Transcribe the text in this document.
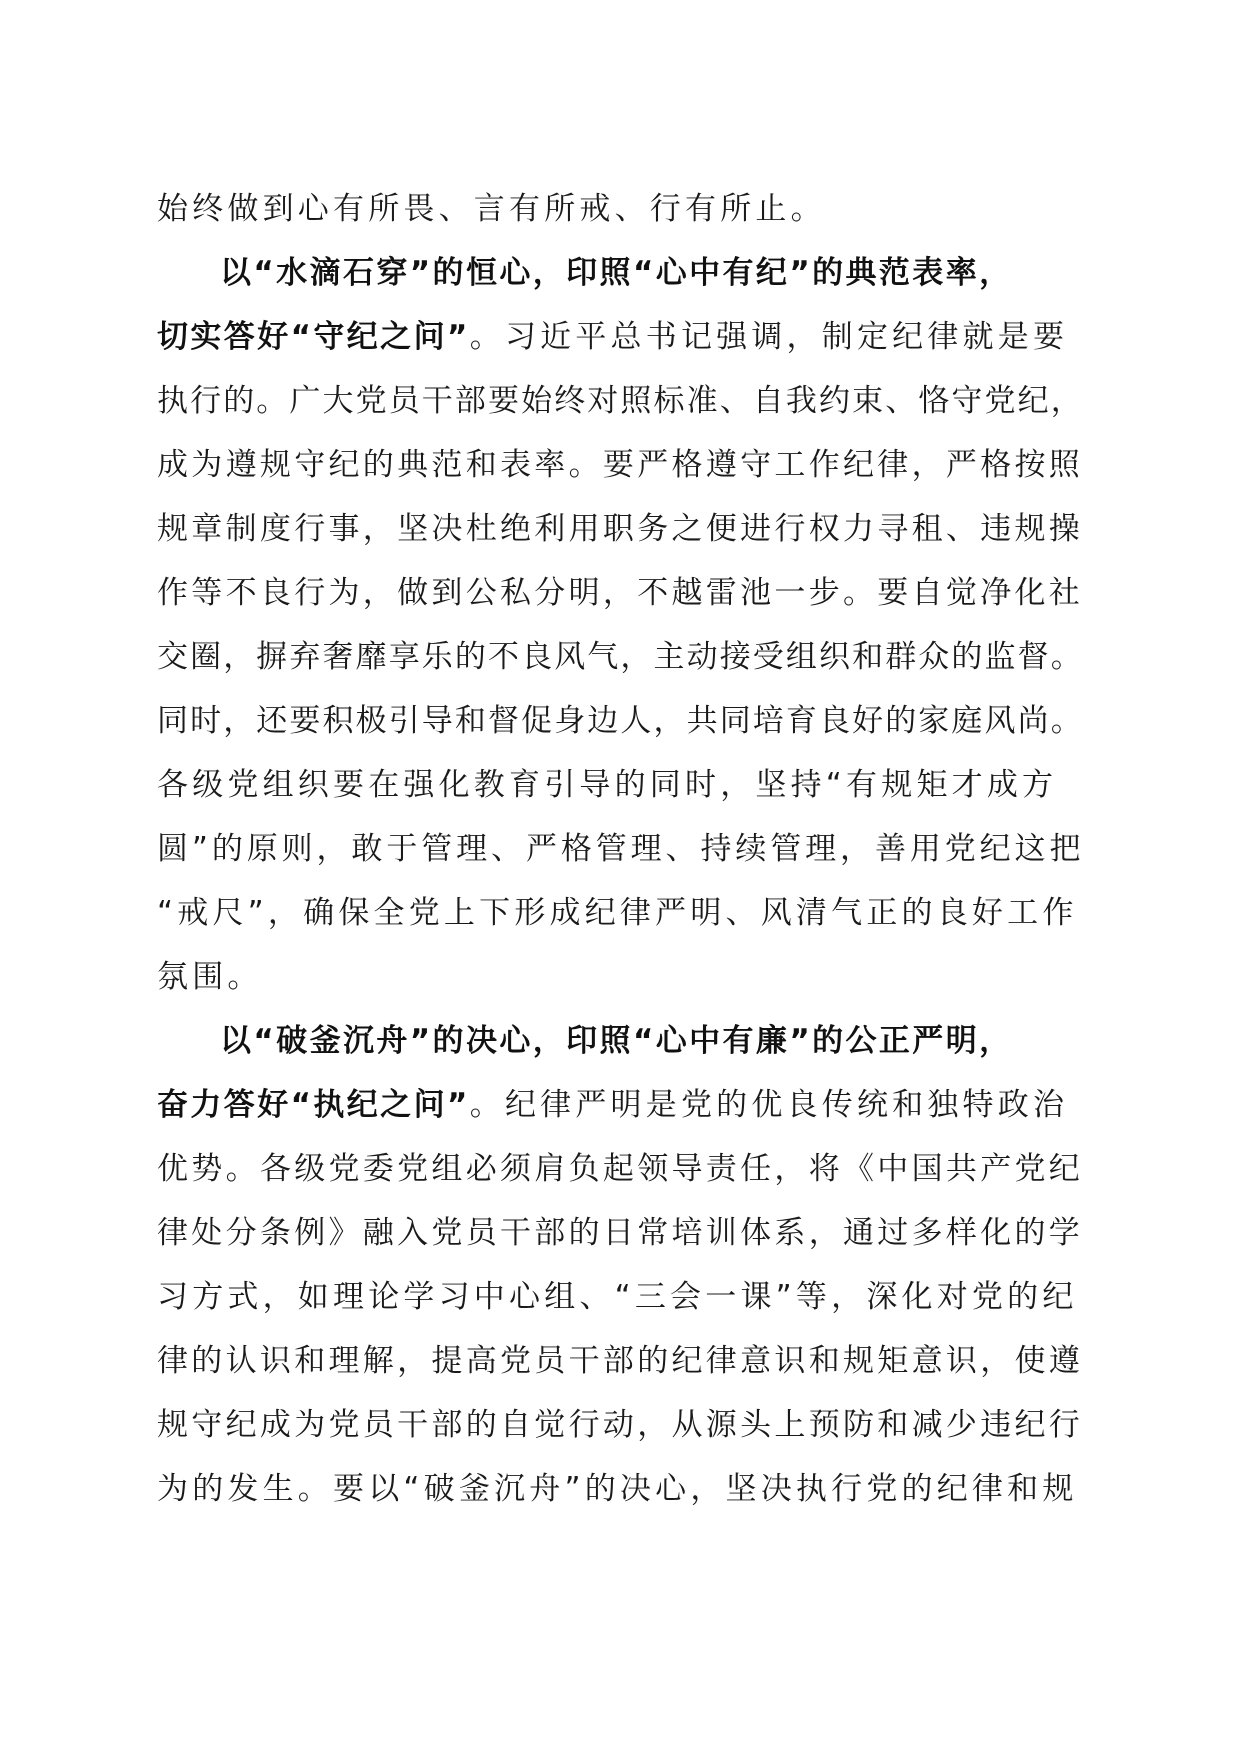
始终做到心有所畏、言有所戒、行有所止。
以“水滴石穿”的恒心，印照“心中有纪”的典范表率，
切实答好“守纪之问”。习近平总书记强调，制定纪律就是要
执行的。广大党员干部要始终对照标准、自我约束、恪守党纪，
成为遵规守纪的典范和表率。要严格遵守工作纪律，严格按照
规章制度行事，坚决杜绝利用职务之便进行权力寻租、违规操
作等不良行为，做到公私分明，不越雷池一步。要自觉净化社
交圈，摒弃奢靡享乐的不良风气，主动接受组织和群众的监督。
同时，还要积极引导和督促身边人，共同培育良好的家庭风尚。
各级党组织要在强化教育引导的同时，坚持“有规矩才成方
圆”的原则，敢于管理、严格管理、持续管理，善用党纪这把
“戒尺”，确保全党上下形成纪律严明、风清气正的良好工作
氛围。
以“破釜沉舟”的决心，印照“心中有廉”的公正严明，
奋力答好“执纪之问”。纪律严明是党的优良传统和独特政治
优势。各级党委党组必须肩负起领导责任，将《中国共产党纪
律处分条例》融入党员干部的日常培训体系，通过多样化的学
习方式，如理论学习中心组、“三会一课”等，深化对党的纪
律的认识和理解，提高党员干部的纪律意识和规矩意识，使遵
规守纪成为党员干部的自觉行动，从源头上预防和减少违纪行
为的发生。要以“破釜沉舟”的决心，坚决执行党的纪律和规
